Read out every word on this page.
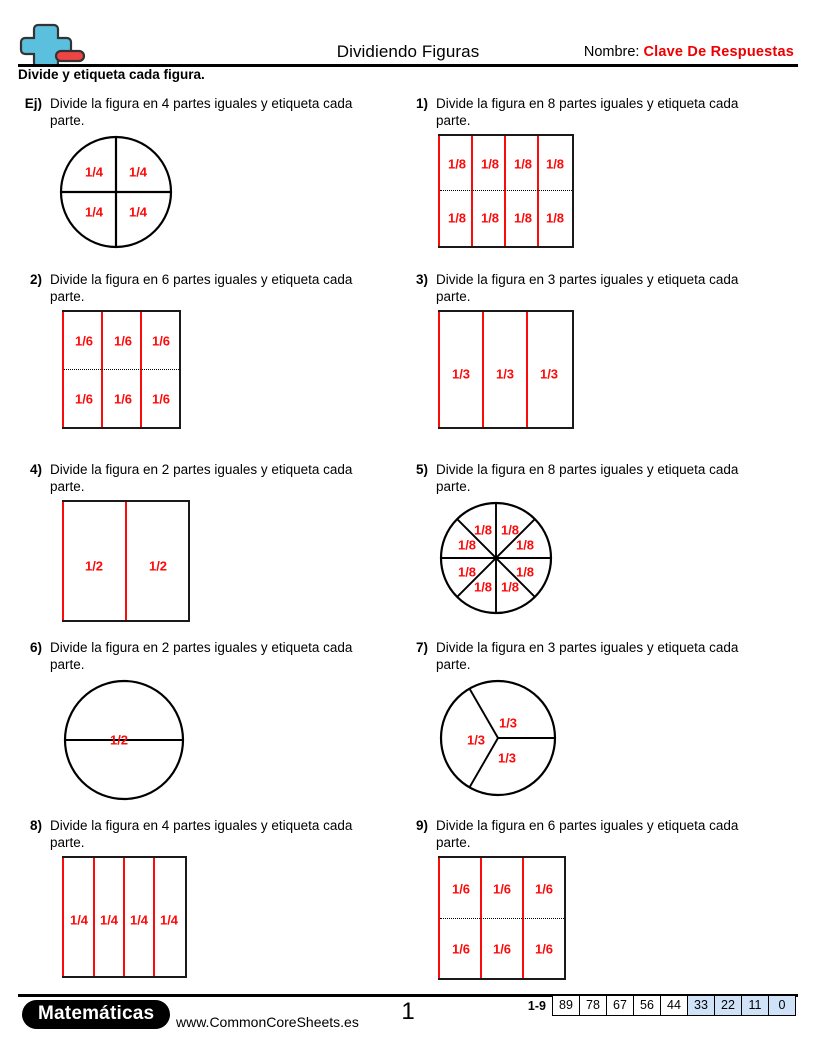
Dividiendo Figuras	Nombre: Clave De Respuestas
Divide y etiqueta cada figura.
Ej) Divide la figura en 4 partes iguales y etiqueta cada parte.
1/4 1/4
1/4 1/4
1) Divide la figura en 8 partes iguales y etiqueta cada parte.
1/8 1/8 1/8 1/8
1/8 1/8 1/8 1/8
2) Divide la figura en 6 partes iguales y etiqueta cada parte.
1/6 1/6 1/6
1/6 1/6 1/6
3) Divide la figura en 3 partes iguales y etiqueta cada parte.
1/3 1/3 1/3
4) Divide la figura en 2 partes iguales y etiqueta cada parte.
1/2	1/2
5) Divide la figura en 8 partes iguales y etiqueta cada parte.
1/8 1/8
1/8	1/8
1/8	1/8
1/8 1/8
6) Divide la figura en 2 partes iguales y etiqueta cada parte.
1/2
7) Divide la figura en 3 partes iguales y etiqueta cada parte.
1/3
1/3
1/3
8) Divide la figura en 4 partes iguales y etiqueta cada parte.
1/4 1/4 1/4 1/4
9) Divide la figura en 6 partes iguales y etiqueta cada parte.
1/6 1/6 1/6
1/6 1/6 1/6
Matemáticas	www.CommonCoreSheets.es	1	1-9	89	78	67	56	44	33	22	11	0
